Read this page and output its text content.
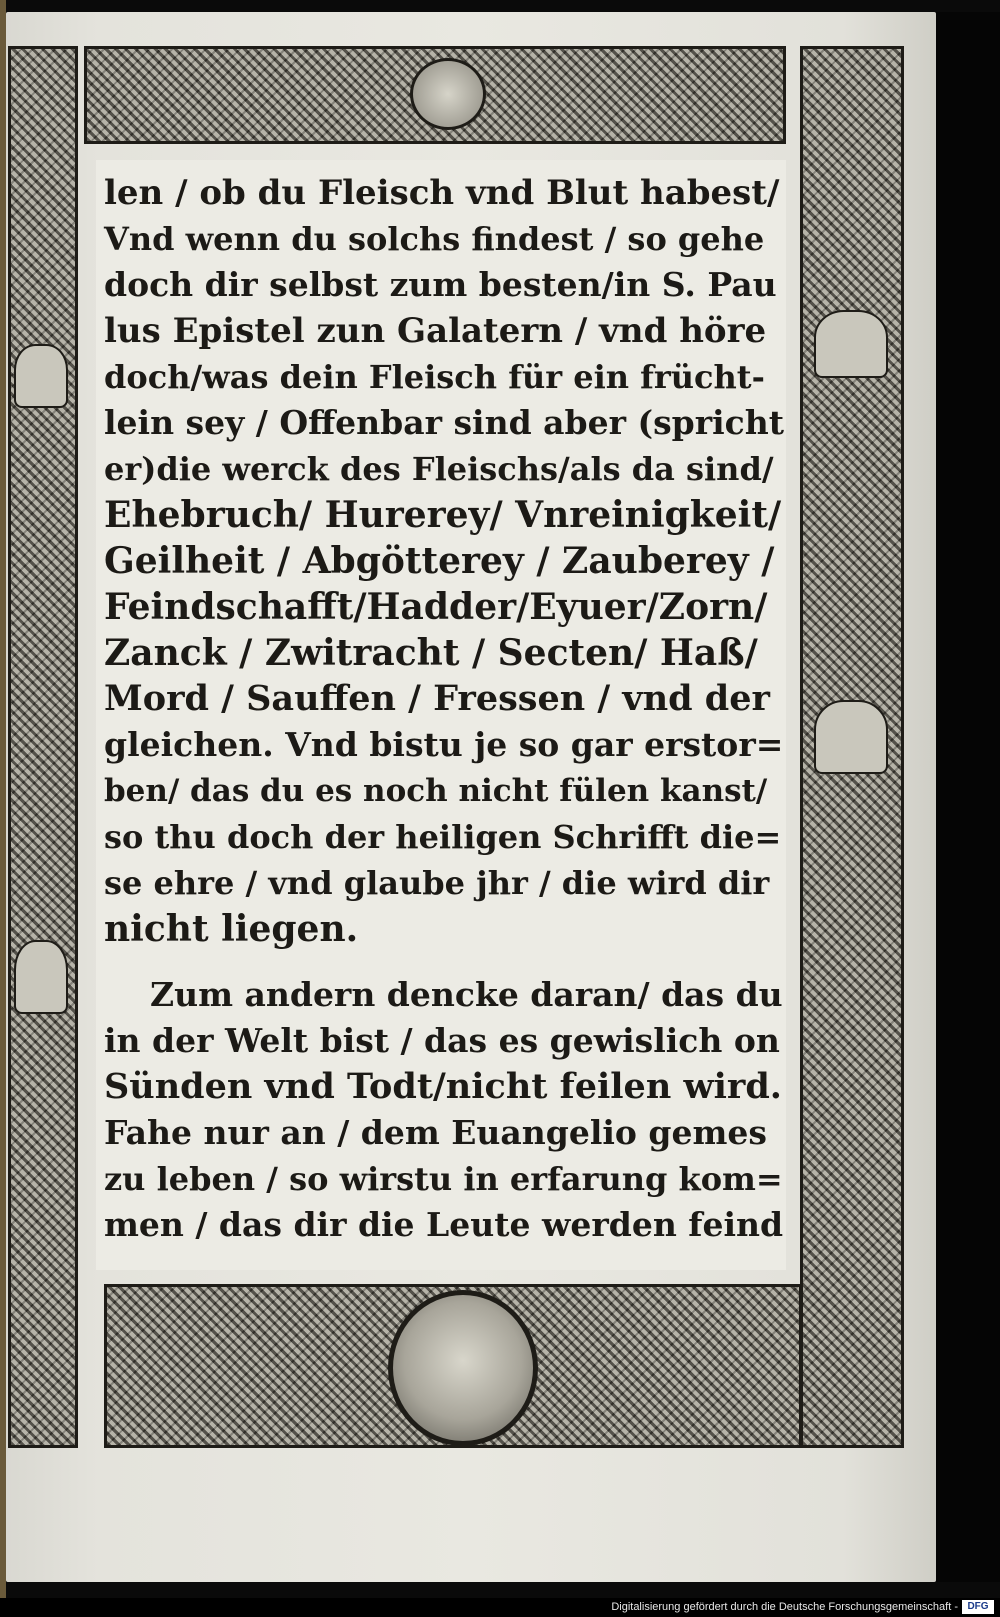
len / ob du Fleisch vnd Blut habest/
Vnd wenn du solchs findest / so gehe
doch dir selbst zum besten/in S. Pau
lus Epistel zun Galatern / vnd höre
doch/was dein Fleisch für ein frücht-
lein sey / Offenbar sind aber (spricht
er)die werck des Fleischs/als da sind/
Ehebruch/ Hurerey/ Vnreinigkeit/
Geilheit / Abgötterey / Zauberey /
Feindschafft/Hadder/Eyuer/Zorn/
Zanck / Zwitracht / Secten/ Haß/
Mord / Sauffen / Fressen / vnd der
gleichen. Vnd bistu je so gar erstor=
ben/ das du es noch nicht fülen kanst/
so thu doch der heiligen Schrifft die=
se ehre / vnd glaube jhr / die wird dir
nicht liegen.
Zum andern dencke daran/ das du
in der Welt bist / das es gewislich on
Sünden vnd Todt/nicht feilen wird.
Fahe nur an / dem Euangelio gemes
zu leben / so wirstu in erfarung kom=
men / das dir die Leute werden feind
Digitalisierung gefördert durch die Deutsche Forschungsgemeinschaft - DFG
